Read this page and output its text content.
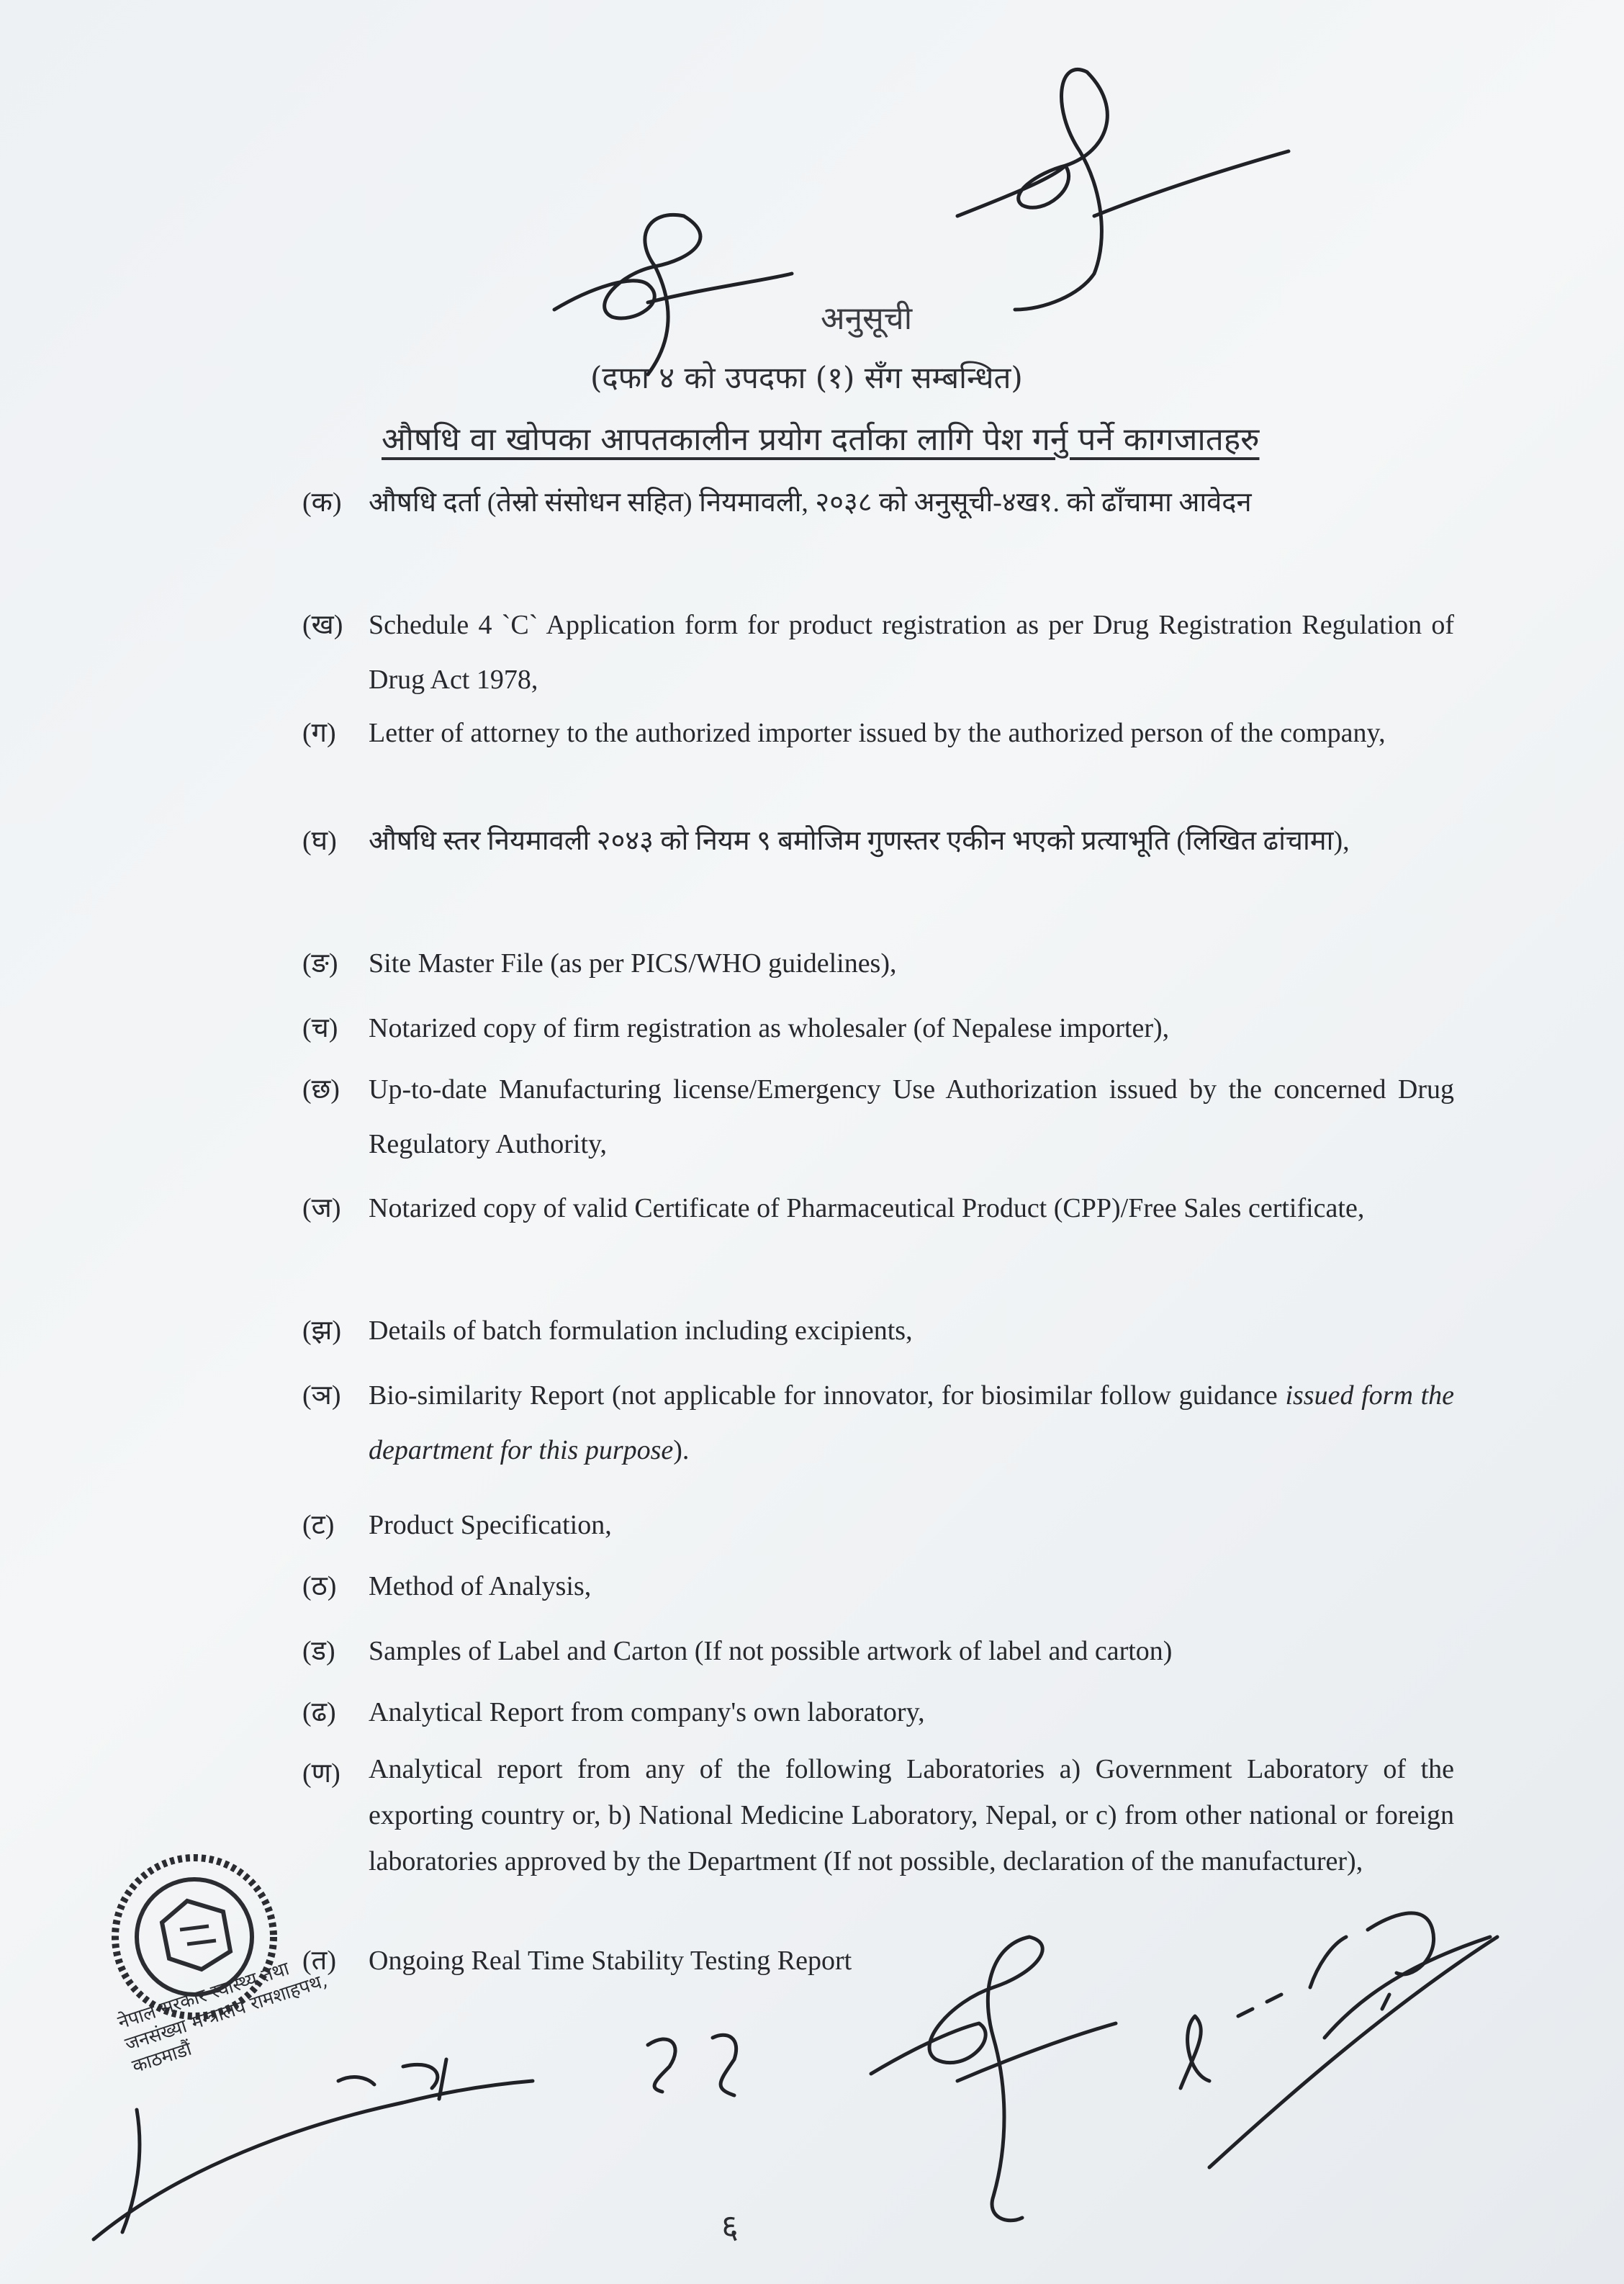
अनुसूची
(दफा ४ को उपदफा (१) सँग सम्बन्धित)
औषधि वा खोपका आपतकालीन प्रयोग दर्ताका लागि पेश गर्नु पर्ने कागजातहरु
(क) औषधि दर्ता (तेस्रो संसोधन सहित) नियमावली, २०३८ को अनुसूची-४ख१. को ढाँचामा आवेदन
(ख) Schedule 4 `C` Application form for product registration as per Drug Registration Regulation of Drug Act 1978,
(ग)	Letter of attorney to the authorized importer issued by the authorized person of the company,
(घ)	औषधि स्तर नियमावली २०४३ को नियम ९ बमोजिम गुणस्तर एकीन भएको प्रत्याभूति (लिखित ढांचामा),
(ङ)	Site Master File (as per PICS/WHO guidelines),
(च)	Notarized copy of firm registration as wholesaler (of Nepalese importer),
(छ)	Up-to-date Manufacturing license/Emergency Use Authorization issued by the concerned Drug Regulatory Authority,
(ज)	Notarized copy of valid Certificate of Pharmaceutical Product (CPP)/Free Sales certificate,
(झ) Details of batch formulation including excipients,
(ञ)	Bio-similarity Report (not applicable for innovator, for biosimilar follow guidance issued form the department for this purpose).
(ट)	Product Specification,
(ठ)	Method of Analysis,
(ड)	Samples of Label and Carton (If not possible artwork of label and carton)
(ढ)	Analytical Report from company's own laboratory,
(ण)	Analytical report from any of the following Laboratories a) Government Laboratory of the exporting country or, b) National Medicine Laboratory, Nepal, or c) from other national or foreign laboratories approved by the Department (If not possible, declaration of the manufacturer),
(त)	Ongoing Real Time Stability Testing Report
नेपाल सरकार स्वास्थ्य तथा जनसंख्या मन्त्रालय रामशाहपथ, काठमाडौं
६
